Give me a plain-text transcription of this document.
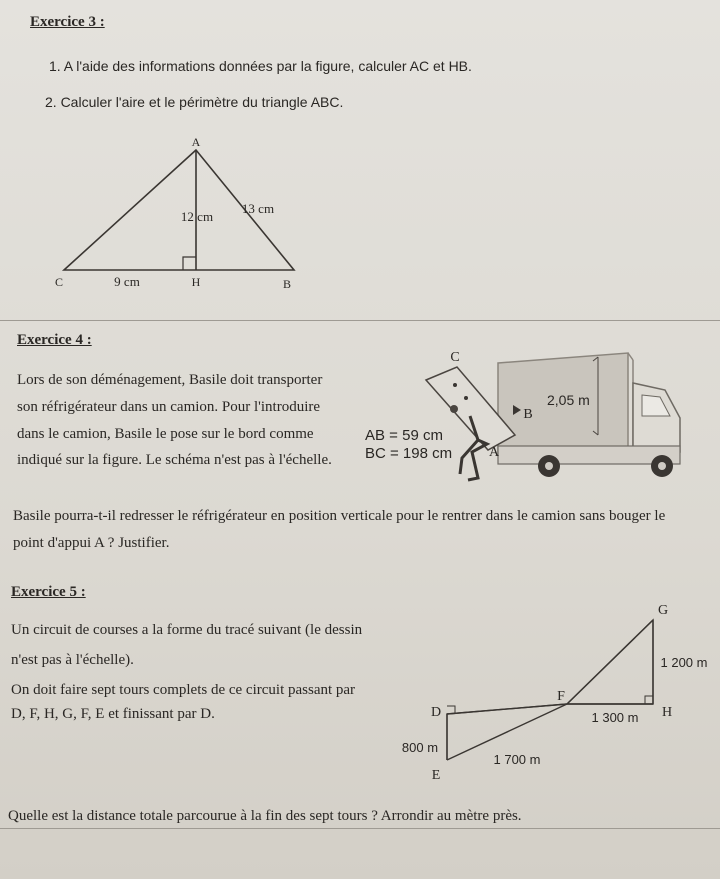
Exercice 3 :
1. A l'aide des informations données par la figure, calculer AC et HB.
2. Calculer l'aire et le périmètre du triangle ABC.
A
C	H	B
12 cm
13 cm
9 cm
Exercice 4 :
Lors de son déménagement, Basile doit transporter
son réfrigérateur dans un camion. Pour l'introduire
dans le camion, Basile le pose sur le bord comme
indiqué sur la figure. Le schéma n'est pas à l'échelle.
C
B
A
2,05 m
AB = 59 cm
BC = 198 cm
Basile pourra-t-il redresser le réfrigérateur en position verticale pour le rentrer dans le camion sans bouger le
point d'appui A ? Justifier.
Exercice 5 :
Un circuit de courses a la forme du tracé suivant (le dessin
n'est pas à l'échelle).
On doit faire sept tours complets de ce circuit passant par
D, F, H, G, F, E et finissant par D.
G
F
D	H
E
1 200 m
1 300 m
800 m
1 700 m
Quelle est la distance totale parcourue à la fin des sept tours ? Arrondir au mètre près.
